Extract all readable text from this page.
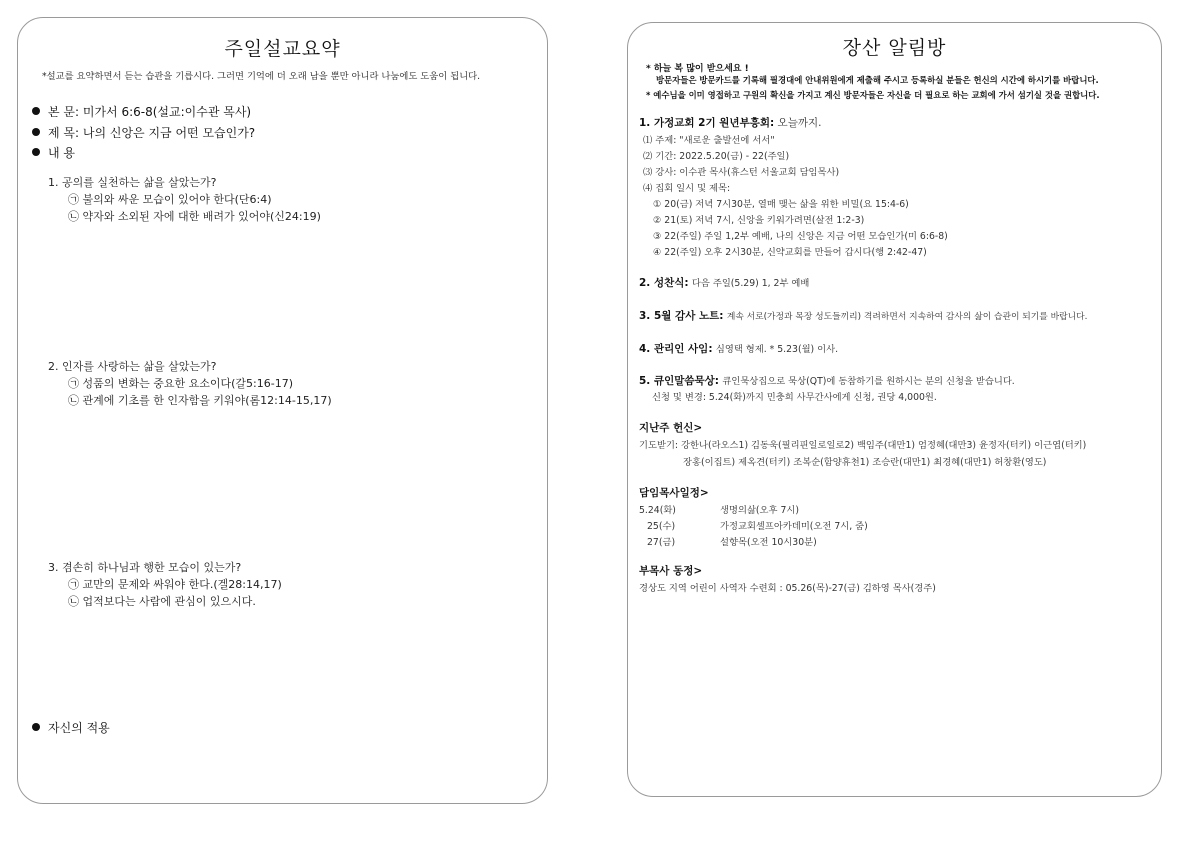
주일설교요약
*설교를 요약하면서 듣는 습관을 기릅시다. 그러면 기억에 더 오래 남을 뿐만 아니라 나눔에도 도움이 됩니다.
본 문: 미가서 6:6-8(설교:이수관 목사)
제 목: 나의 신앙은 지금 어떤 모습인가?
내 용
1. 공의를 실천하는 삶을 살았는가?
㉠ 불의와 싸운 모습이 있어야 한다(단6:4)
㉡ 약자와 소외된 자에 대한 배려가 있어야(신24:19)
2. 인자를 사랑하는 삶을 살았는가?
㉠ 성품의 변화는 중요한 요소이다(갈5:16-17)
㉡ 관계에 기초를 한 인자함을 키워야(롬12:14-15,17)
3. 겸손히 하나님과 행한 모습이 있는가?
㉠ 교만의 문제와 싸워야 한다.(겔28:14,17)
㉡ 업적보다는 사람에 관심이 있으시다.
자신의 적용
장산 알림방
* 하늘 복 많이 받으세요 !
방문자들은 방문카드를 기록해 필경대에 안내위원에게 제출해 주시고 등록하실 분들은 헌신의 시간에 하시기를 바랍니다.
* 예수님을 이미 영접하고 구원의 확신을 가지고 계신 방문자들은 자신을 더 필요로 하는 교회에 가서 섬기실 것을 권합니다.
1. 가정교회 2기 원년부흥회: 오늘까지.
⑴ 주제: "새로운 출발선에 서서"
⑵ 기간: 2022.5.20(금) - 22(주일)
⑶ 강사: 이수관 목사(휴스턴 서울교회 담임목사)
⑷ 집회 일시 및 제목:
① 20(금) 저녁 7시30분, 열매 맺는 삶을 위한 비밀(요 15:4-6)
② 21(토) 저녁 7시, 신앙을 키워가려면(살전 1:2-3)
③ 22(주일) 주일 1,2부 예배, 나의 신앙은 지금 어떤 모습인가(미 6:6-8)
④ 22(주일) 오후 2시30분, 신약교회를 만들어 갑시다(행 2:42-47)
2. 성찬식: 다음 주일(5.29) 1, 2부 예배
3. 5월 감사 노트: 계속 서로(가정과 목장 성도들끼리) 격려하면서 지속하여 감사의 삶이 습관이 되기를 바랍니다.
4. 관리인 사임: 심영택 형제. * 5.23(월) 이사.
5. 큐인말씀묵상: 큐인묵상집으로 묵상(QT)에 동참하기를 원하시는 분의 신청을 받습니다.
신청 및 변경: 5.24(화)까지 민충희 사무간사에게 신청, 권당 4,000원.
지난주 헌신>
기도받기: 강한나(라오스1) 김동욱(필리핀일로일로2) 백임주(대만1) 엄정혜(대만3) 윤정자(터키) 이근엽(터키)
장홍(이집트) 제옥견(터키) 조복순(함양휴천1) 조승란(대만1) 최경혜(대만1) 허창환(영도)
담임목사일정>
5.24(화)	생명의삶(오후 7시)
25(수)	가정교회셀프아카데미(오전 7시, 줌)
27(금)	설향목(오전 10시30분)
부목사 동정>
경상도 지역 어린이 사역자 수련회 : 05.26(목)-27(금) 김하영 목사(경주)
